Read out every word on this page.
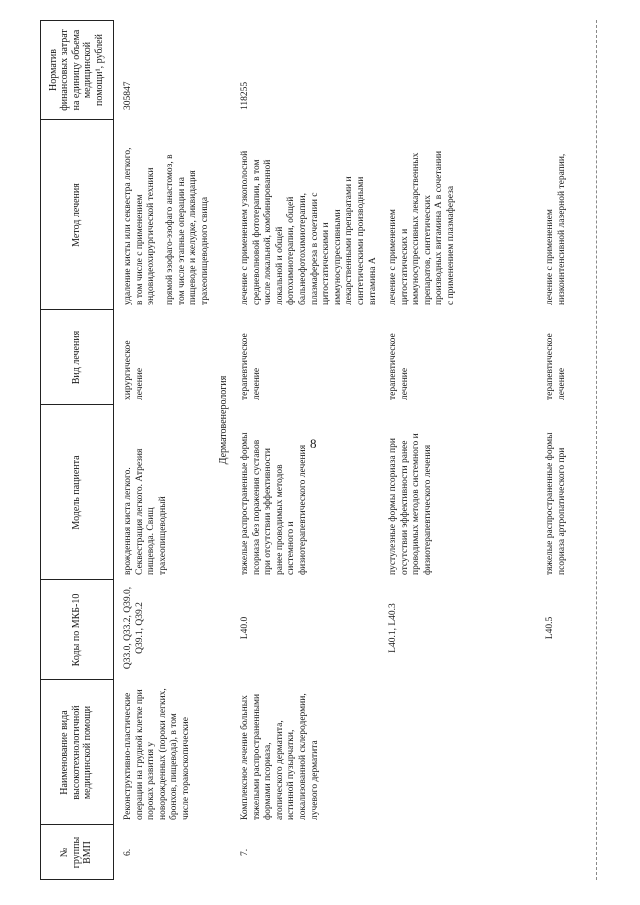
8
№
группы
ВМП
Наименование вида
высокотехнологичной
медицинской помощи
Коды по МКБ-10
Модель пациента
Вид лечения
Метод лечения
Норматив
финансовых затрат
на единицу объема
медицинской
помощи¹, рублей
6.
Реконструктивно-пластические
операции на грудной клетке при
пороках развития у
новорожденных (пороки легких,
бронхов, пищевода), в том
числе торакоскопические
Q33.0, Q33.2, Q39.0,
Q39.1, Q39.2
врожденная киста легкого.
Секвестрация легкого. Атрезия
пищевода. Свищ
трахеопищеводный
хирургическое
лечение
удаление кисты или секвестра легкого,
в том числе с применением
эндовидеохирургической техники
прямой эзофаго-эзофаго анастомоз, в
том числе этапные операции на
пищеводе и желудке, ликвидация
трахеопищеводного свища
305847
Дерматовенерология
7.
Комплексное лечение больных
тяжелыми распространенными
формами псориаза,
атопического дерматита,
истинной пузырчатки,
локализованной склеродермии,
лучевого дерматита
118255
L40.0
тяжелые распространенные формы
псориаза без поражения суставов
при отсутствии эффективности
ранее проводимых методов
системного и
физиотерапевтического лечения
терапевтическое
лечение
лечение с применением узкополосной
средневолновой фототерапии, в том
числе локальной, комбинированной
локальной и общей
фотохимиотерапии, общей
бальнеофотохимиотерапии,
плазмафереза в сочетании с
цитостатическими и
иммуносупрессивными
лекарственными препаратами и
синтетическими производными
витамина А
L40.1, L40.3
пустулезные формы псориаза при
отсутствии эффективности ранее
проводимых методов системного и
физиотерапевтического лечения
терапевтическое
лечение
лечение с применением
цитостатических и
иммуносупрессивных лекарственных
препаратов, синтетических
производных витамина А в сочетании
с применением плазмафереза
L40.5
тяжелые распространенные формы
псориаза артропатического при
терапевтическое
лечение
лечение с применением
низкоинтенсивной лазерной терапии,
